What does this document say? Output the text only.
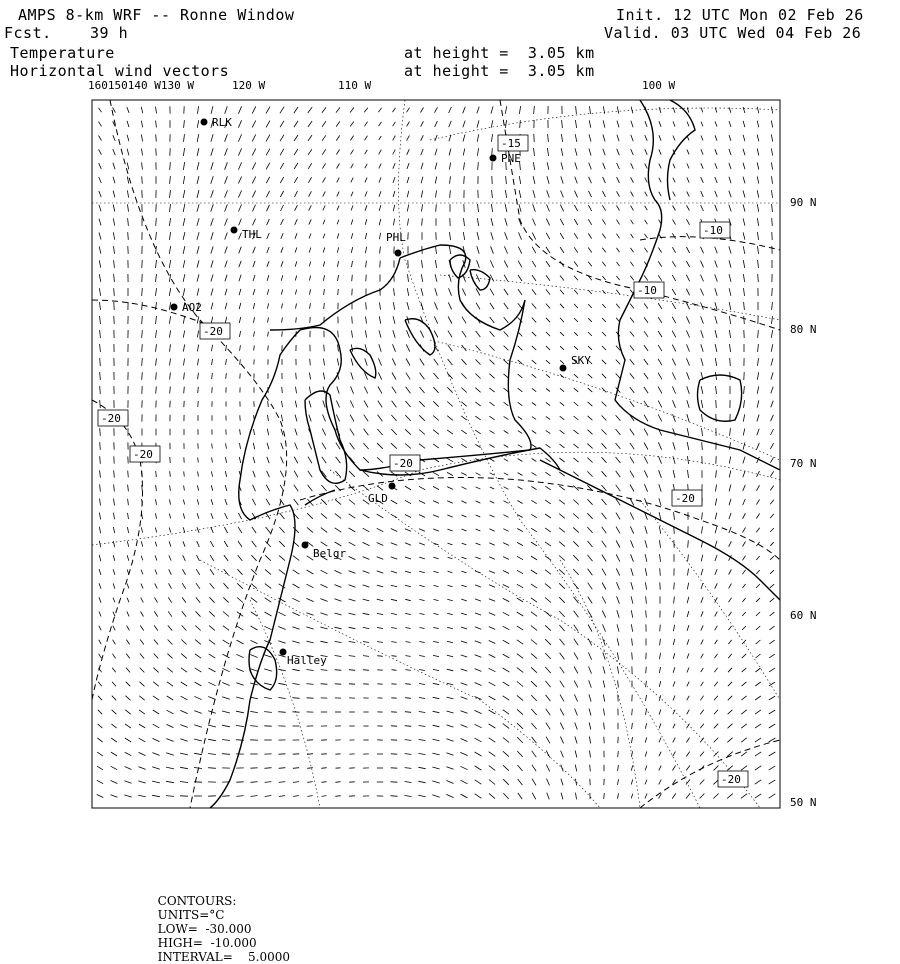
AMPS 8-km WRF -- Ronne Window
Fcst.	39 h
Init. 12 UTC Mon 02 Feb 26
Valid. 03 UTC Wed 04 Feb 26
Temperature
Horizontal wind vectors
at height =  3.05 km
at height =  3.05 km
160150140 W130 W	120 W	110 W	100 W
90 N
80 N
70 N
60 N
50 N
-15
-10
-10
-20
-20
-20
-20
-20
-20
RLK
PNE
THL	PHL
AQ2
SKY
GLD
Belgr
Halley

CONTOURS:
UNITS=°C
LOW=  -30.000
HIGH=  -10.000
INTERVAL=    5.0000
